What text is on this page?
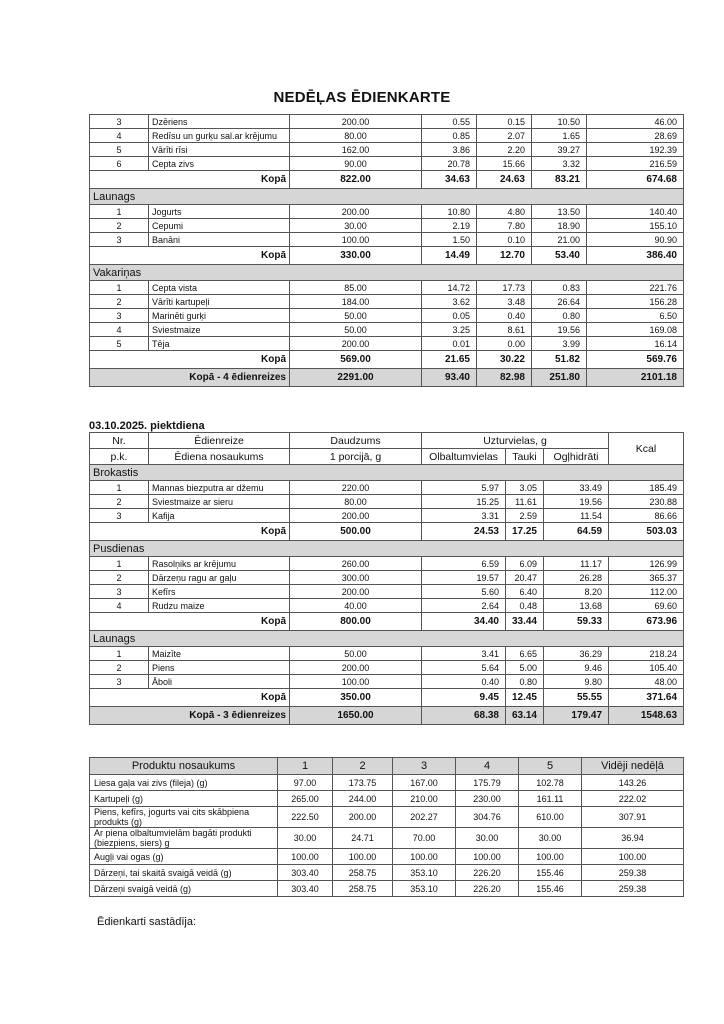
NEDĒĻAS ĒDIENKARTE
3	Dzēriens	200.00	0.55	0.15	10.50	46.00
4	Redīsu un gurķu sal.ar krējumu	80.00	0.85	2.07	1.65	28.69
5	Vārīti rīsi	162.00	3.86	2.20	39.27	192.39
6	Cepta zivs	90.00	20.78	15.66	3.32	216.59
Kopā		822.00	34.63	24.63	83.21	674.68
Launags						
1	Jogurts	200.00	10.80	4.80	13.50	140.40
2	Cepumi	30.00	2.19	7.80	18.90	155.10
3	Banāni	100.00	1.50	0.10	21.00	90.90
Kopā		330.00	14.49	12.70	53.40	386.40
Vakariņas						
1	Cepta vista	85.00	14.72	17.73	0.83	221.76
2	Vārīti kartupeļi	184.00	3.62	3.48	26.64	156.28
3	Marinēti gurķi	50.00	0.05	0.40	0.80	6.50
4	Sviestmaize	50.00	3.25	8.61	19.56	169.08
5	Tēja	200.00	0.01	0.00	3.99	16.14
Kopā		569.00	21.65	30.22	51.82	569.76
Kopā - 4 ēdienreizes		2291.00	93.40	82.98	251.80	2101.18
03.10.2025. piektdiena
Nr.	Ēdienreize	Daudzums	Uzturvielas, g			Kcal
p.k.	Ēdiena nosaukums	1 porcijā, g	Olbaltumvielas	Tauki	Ogļhidrāti	
Brokastis						
1	Mannas biezputra ar džemu	220.00	5.97	3.05	33.49	185.49
2	Sviestmaize ar sieru	80.00	15.25	11.61	19.56	230.88
3	Kafija	200.00	3.31	2.59	11.54	86.66
Kopā		500.00	24.53	17.25	64.59	503.03
Pusdienas						
1	Rasolņiks ar krējumu	260.00	6.59	6.09	11.17	126.99
2	Dārzeņu ragu ar gaļu	300.00	19.57	20.47	26.28	365.37
3	Kefīrs	200.00	5.60	6.40	8.20	112.00
4	Rudzu maize	40.00	2.64	0.48	13.68	69.60
Kopā		800.00	34.40	33.44	59.33	673.96
Launags						
1	Maizīte	50.00	3.41	6.65	36.29	218.24
2	Piens	200.00	5.64	5.00	9.46	105.40
3	Āboli	100.00	0.40	0.80	9.80	48.00
Kopā		350.00	9.45	12.45	55.55	371.64
Kopā - 3 ēdienreizes		1650.00	68.38	63.14	179.47	1548.63
Produktu nosaukums	1	2	3	4	5	Vidēji nedēļā
Liesa gaļa vai zivs (fileja) (g)	97.00	173.75	167.00	175.79	102.78	143.26
Kartupeļi (g)	265.00	244.00	210.00	230.00	161.11	222.02
Piens, kefīrs, jogurts vai cits skābpiena produkts (g)	222.50	200.00	202.27	304.76	610.00	307.91
Ar piena olbaltumvielām bagāti produkti (biezpiens, siers) g	30.00	24.71	70.00	30.00	30.00	36.94
Augļi vai ogas (g)	100.00	100.00	100.00	100.00	100.00	100.00
Dārzeņi, tai skaitā svaigā veidā (g)	303.40	258.75	353.10	226.20	155.46	259.38
Dārzeņi svaigā veidā (g)	303.40	258.75	353.10	226.20	155.46	259.38
Ēdienkarti sastādīja:
